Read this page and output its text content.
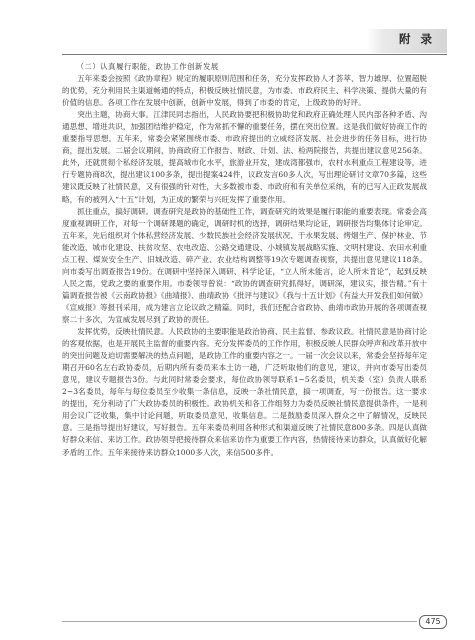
附 录

（二）认真履行职能，政协工作创新发展

五年来委会按照《政协章程》规定的履职原则范围和任务，充分发挥政协人才荟萃、智力雄厚、位置超脱的优势，充分利用民主渠道畅通的特点，积极反映社情民意，为市委、市政府民主、科学决策、提供大量的有价值的信息。各项工作在发展中创新，创新中发展，得到了市委的肯定，上级政协的好评。

突出主题，协商大事。江津民同志指出，人民政协要把积极协助党和政府正确处理人民内部各种矛盾、沟通思想、增进共识，加强团结维护稳定，作为常抓不懈的重要任务，摆在突出位置。这是我们做好协商工作的重要指导思想。五年来，常委会紧紧围绕市委、市政府提出的立威经济发展、社会进步的任务目标，进行协商，提出发展。二届会议期间，协商政府工作报告、财政、计划、法、检两院报告，共提出建议意见256条。此外，还就贯彻个私经济发展，提高城市化水平，旅游业开发，建成湾都强市，农村水利重点工程建设等，进行专题协商8次，提出建议100多条，提出提案424件，议政发言60多人次，写出理论研讨文章70多篇，这些建议既反映了社情民意，又有很强的针对性，大多数被市委、市政府和有关单位采纳，有的已写入正政发展战略，有的被列入“十五”计划，为正成的繁荣与兴旺发挥了重要作用。

抓住重点，搞好调研。调查研究是政协的基础性工作，调查研究的效果是履行职能的重要表现。常委会高度重视调研工作，对每一个调研课题的确定，调研时机的选择，调研结果均论证，调研报告均集体讨论审定。五年来，先后组织对个体私营经济发展、少数民族社会经济发展状况、干水果发展、烤烟生产、保护林业、节能改造、城市化建设、扶贫攻坚、农电改造、公路交通建设、小城镇发展战略实施、文明村建设、农田水利重点工程、煤炭安全生产、旧城改造、碎产业、农业结构调整等19次专题调查视察，共提出意见建议118条。向市委写出调查报告19份。在调研中坚持深入调研、科学论证，“立人所未能言，论人所未肯论”，起到反映人民之需，党政之要的重要作用。市委领导曾说：“政协的调查研究抓得好，调研深，建议实，报告精。”有十篇调查报告被《云南政协报》《曲靖报》、曲靖政协《批评与建议》《我与十五计划》《有益大开发我们如何做》《宣威报》等报刊采用，成为建言立论议政之精篇。同时，我们还配合省政协、曲靖市政协开展的各项调查视察二十多次，为宣威发展尽到了政协的责任。

发挥优势，反映社情民意。人民政协的主要职能是政治协商、民主监督、参政议政。社情民意是协商讨论的客观依据，也是开展民主监督的重要内容。充分发挥委员的工作作用，积极反映人民群众呼声和改革开放中的突出问题及迫切需要解决的热点问题，是政协工作的重要内容之一。一届一次会议以来，常委会坚持每年定期召开60名左右政协委员，后期内所有委员来本土访一趟，广泛听取他们的意见，建议，并向市委写出委员意见，建议专题报告3份。与此同时常委会要求，每位政协领导联系1~5名委员，机关委（室）负责人联系2~3名委员，每年与每位委员至少收集一条信息，反映一条社情民意，搞一项调查，写一份报告。这一要求的提出，充分利动了广大政协委员的积极性。政协机关和各工作组努力为委员反映社情民意提供条件，一是利用会议广泛收集，集中讨论问题，听取委员意见，收集信息。二是鼓励委员深入群众之中了解情况，反映民意。三是指导提出好建议，写好报告。五年来委员利用各种形式和渠道反映了社情民意800多条。四是认真做好群众来信、来访工作。政协领导把接待群众来信来访作为重要工作内容，热情接待来访群众，认真做好化解矛盾的工作。五年来接待来访群众1000多人次，来信500多件。

475
